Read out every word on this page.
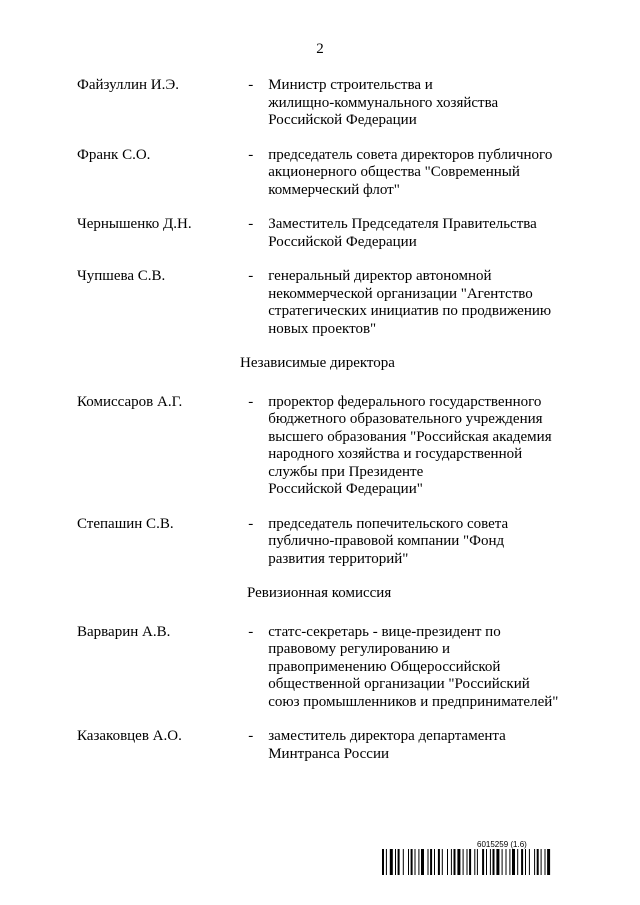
2
Файзуллин И.Э.	- Министр строительства и
жилищно-коммунального хозяйства
Российской Федерации
Франк С.О.	- председатель совета директоров публичного
акционерного общества "Современный
коммерческий флот"
Чернышенко Д.Н.	- Заместитель Председателя Правительства
Российской Федерации
Чупшева С.В.	- генеральный директор автономной
некоммерческой организации "Агентство
стратегических инициатив по продвижению
новых проектов"
Независимые директора
Комиссаров А.Г.	- проректор федерального государственного
бюджетного образовательного учреждения
высшего образования "Российская академия
народного хозяйства и государственной
службы при Президенте
Российской Федерации"
Степашин С.В.	- председатель попечительского совета
публично-правовой компании "Фонд
развития территорий"
Ревизионная комиссия
Варварин А.В.	- статс-секретарь - вице-президент по
правовому регулированию и
правоприменению Общероссийской
общественной организации "Российский
союз промышленников и предпринимателей"
Казаковцев А.О.	- заместитель директора департамента
Минтранса России
6015259 (1.6)
